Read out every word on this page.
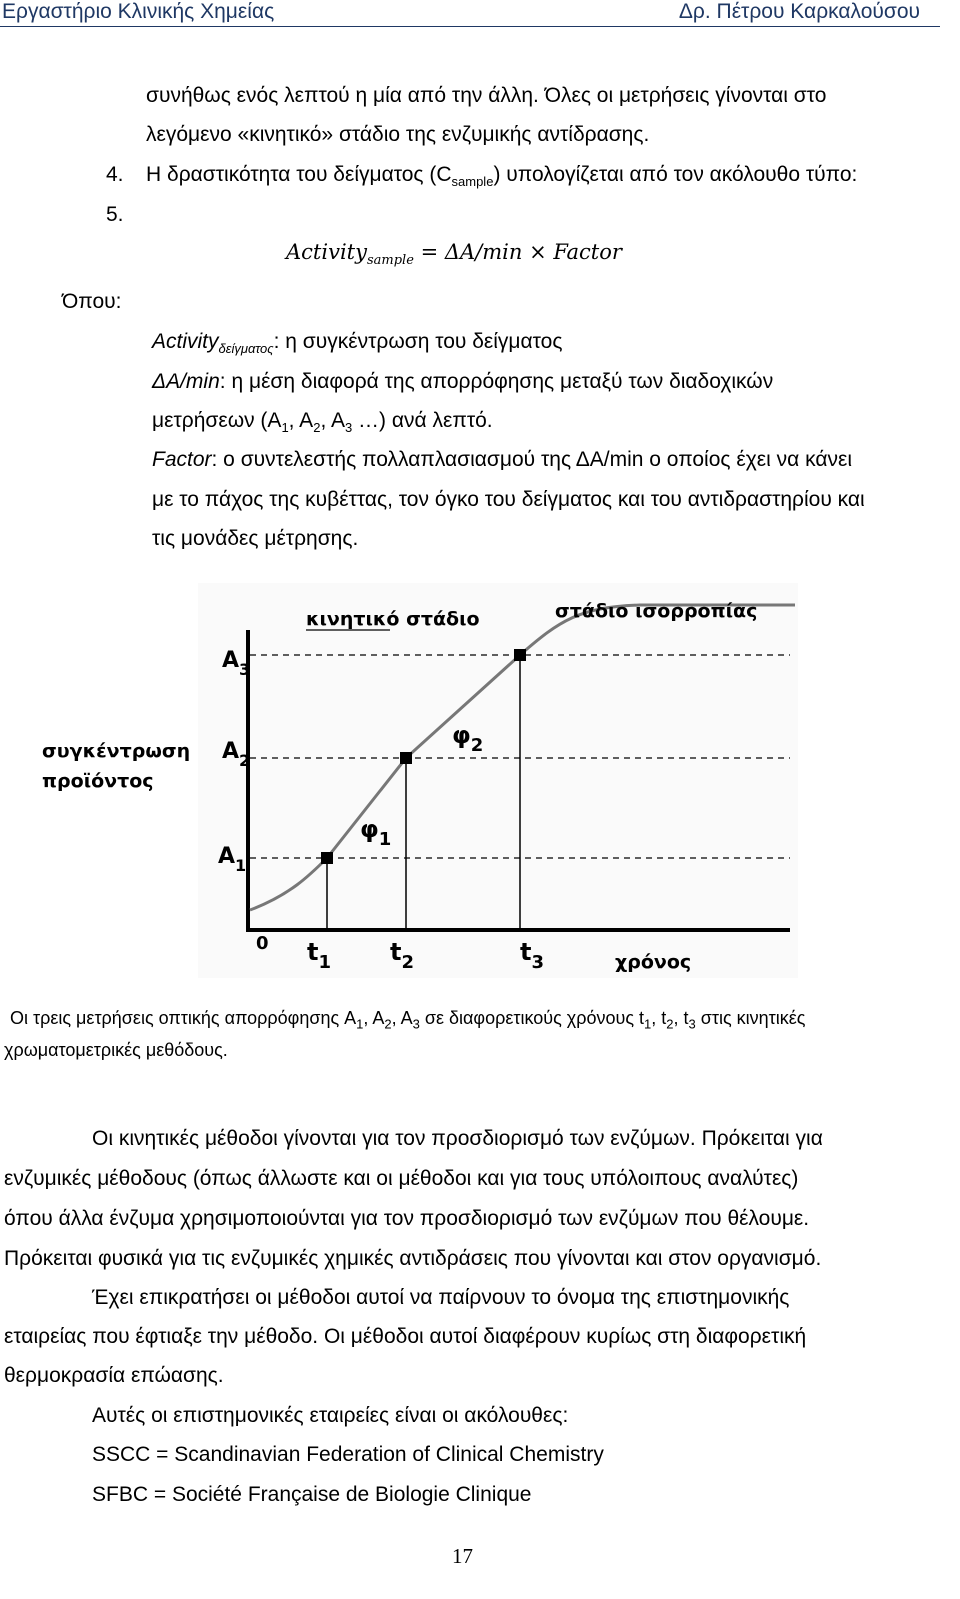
Εργαστήριο Κλινικής Χημείας	Δρ. Πέτρου Καρκαλούσου
συνήθως ενός λεπτού η μία από την άλλη. Όλες οι μετρήσεις γίνονται στο
λεγόμενο «κινητικό» στάδιο της ενζυμικής αντίδρασης.
4. Η δραστικότητα του δείγματος $(C_{sample})$ υπολογίζεται από τον ακόλουθο τύπο:
5.
Activity$_{sample}$ = ΔA/min × Factor
Όπου:
Activity$_{\delta\varepsilon ί\gamma\mu\alpha\tau o\varsigma}$: η συγκέντρωση του δείγματος
ΔA/min: η μέση διαφορά της απορρόφησης μεταξύ των διαδοχικών
μετρήσεων ($A_1$, $A_2$, $A_3$ …) ανά λεπτό.
Factor: ο συντελεστής πολλαπλασιασμού της ΔA/min ο οποίος έχει να κάνει
με το πάχος της κυβέττας, τον όγκο του δείγματος και του αντιδραστηρίου και
τις μονάδες μέτρησης.
κινητικό στάδιο	στάδιο ισορροπίας
$A_3$
$A_2$
$A_1$
συγκέντρωση
προϊόντος
0 $t_1$ $t_2$	$t_3$	χρόνος
$\varphi_1$
$\varphi_2$
Οι τρεις μετρήσεις οπτικής απορρόφησης $A_1$, $A_2$, $A_3$ σε διαφορετικούς χρόνους $t_1$, $t_2$, $t_3$ στις κινητικές
χρωματομετρικές μεθόδους.
Οι κινητικές μέθοδοι γίνονται για τον προσδιορισμό των ενζύμων. Πρόκειται για
ενζυμικές μέθοδους (όπως άλλωστε και οι μέθοδοι και για τους υπόλοιπους αναλύτες)
όπου άλλα ένζυμα χρησιμοποιούνται για τον προσδιορισμό των ενζύμων που θέλουμε.
Πρόκειται φυσικά για τις ενζυμικές χημικές αντιδράσεις που γίνονται και στον οργανισμό.
Έχει επικρατήσει οι μέθοδοι αυτοί να παίρνουν το όνομα της επιστημονικής
εταιρείας που έφτιαξε την μέθοδο. Οι μέθοδοι αυτοί διαφέρουν κυρίως στη διαφορετική
θερμοκρασία επώασης.
Αυτές οι επιστημονικές εταιρείες είναι οι ακόλουθες:
SSCC = Scandinavian Federation of Clinical Chemistry
SFBC = Société Française de Biologie Clinique
17
